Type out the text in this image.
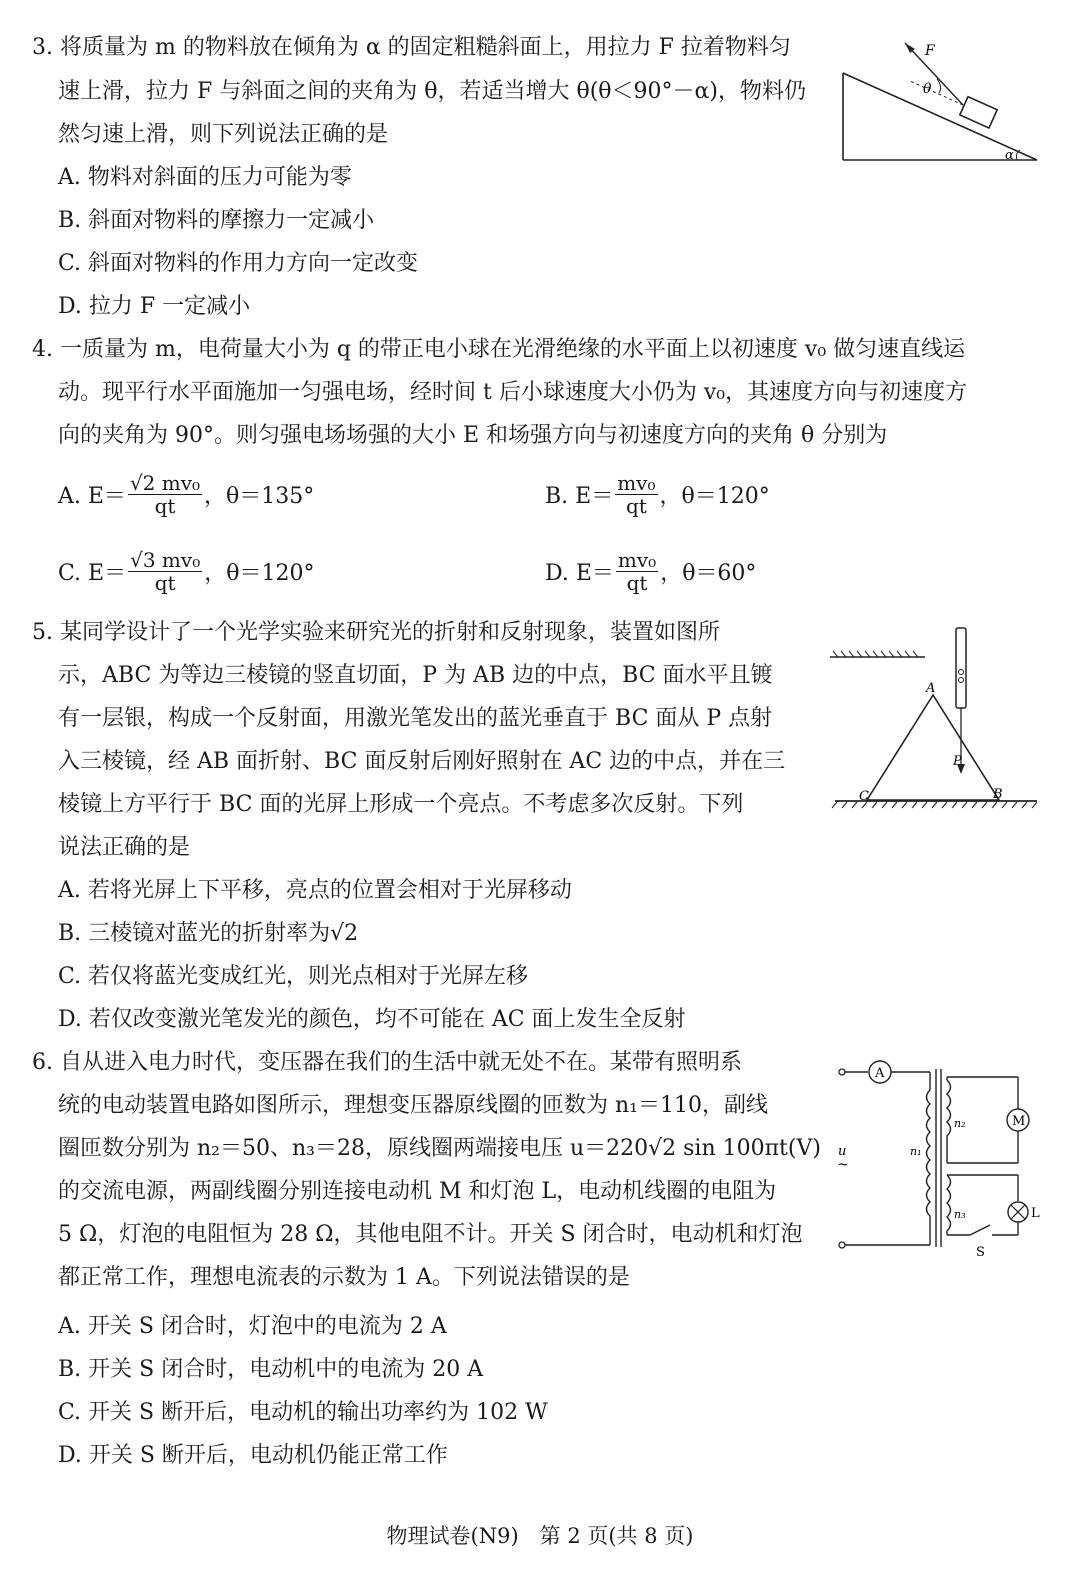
3. 将质量为 m 的物料放在倾角为 α 的固定粗糙斜面上，用拉力 F 拉着物料匀
速上滑，拉力 F 与斜面之间的夹角为 θ，若适当增大 θ(θ＜90°－α)，物料仍
然匀速上滑，则下列说法正确的是
A. 物料对斜面的压力可能为零
B. 斜面对物料的摩擦力一定减小
C. 斜面对物料的作用力方向一定改变
D. 拉力 F 一定减小
F
θ
α
4. 一质量为 m，电荷量大小为 q 的带正电小球在光滑绝缘的水平面上以初速度 v₀ 做匀速直线运
动。现平行水平面施加一匀强电场，经时间 t 后小球速度大小仍为 v₀，其速度方向与初速度方
向的夹角为 90°。则匀强电场场强的大小 E 和场强方向与初速度方向的夹角 θ 分别为
A. $E= \frac{\text{√2 mv₀}}{qt}$ ，θ＝135°	B. $E= \frac{\text{mv₀}}{qt}$ ，θ＝120°
C. $E= \frac{\text{√3 mv₀}}{qt}$ ，θ＝120°	D. $E= \frac{\text{mv₀}}{qt}$ ，θ＝60°
5. 某同学设计了一个光学实验来研究光的折射和反射现象，装置如图所
示，ABC 为等边三棱镜的竖直切面，P 为 AB 边的中点，BC 面水平且镀
有一层银，构成一个反射面，用激光笔发出的蓝光垂直于 BC 面从 P 点射
入三棱镜，经 AB 面折射、BC 面反射后刚好照射在 AC 边的中点，并在三
棱镜上方平行于 BC 面的光屏上形成一个亮点。不考虑多次反射。下列
说法正确的是
A. 若将光屏上下平移，亮点的位置会相对于光屏移动
B. 三棱镜对蓝光的折射率为√2
C. 若仅将蓝光变成红光，则光点相对于光屏左移
D. 若仅改变激光笔发光的颜色，均不可能在 AC 面上发生全反射
A
C	B
P
6. 自从进入电力时代，变压器在我们的生活中就无处不在。某带有照明系
统的电动装置电路如图所示，理想变压器原线圈的匝数为 n₁＝110，副线
圈匝数分别为 n₂＝50、n₃＝28，原线圈两端接电压 u＝220√2 sin 100πt(V)
的交流电源，两副线圈分别连接电动机 M 和灯泡 L，电动机线圈的电阻为
5 Ω，灯泡的电阻恒为 28 Ω，其他电阻不计。开关 S 闭合时，电动机和灯泡
都正常工作，理想电流表的示数为 1 A。下列说法错误的是
A. 开关 S 闭合时，灯泡中的电流为 2 A
B. 开关 S 闭合时，电动机中的电流为 20 A
C. 开关 S 断开后，电动机的输出功率约为 102 W
D. 开关 S 断开后，电动机仍能正常工作
A
M
L
S
n₂
n₁
n₃
u
~
物理试卷(N9)　第 2 页(共 8 页)
